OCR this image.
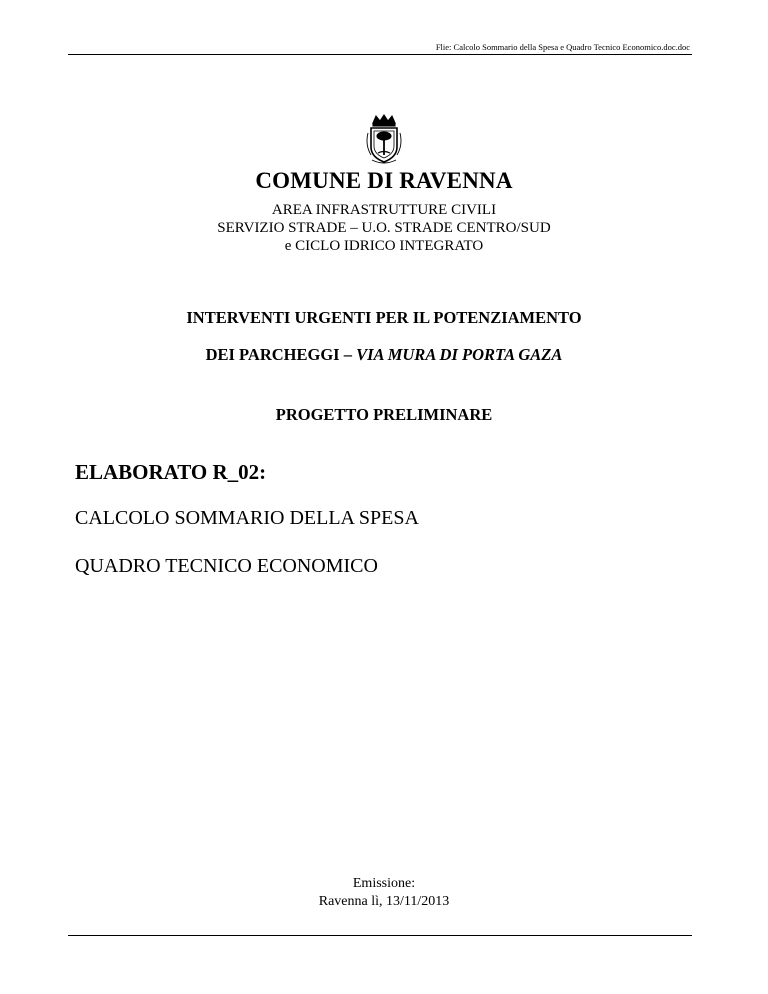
Flie: Calcolo Sommario della Spesa e Quadro Tecnico Economico.doc.doc
COMUNE DI RAVENNA
AREA INFRASTRUTTURE CIVILI
SERVIZIO STRADE – U.O. STRADE CENTRO/SUD
e CICLO IDRICO INTEGRATO
INTERVENTI URGENTI PER IL POTENZIAMENTO
DEI PARCHEGGI – VIA MURA DI PORTA GAZA
PROGETTO PRELIMINARE
ELABORATO R_02:
CALCOLO SOMMARIO DELLA SPESA
QUADRO TECNICO ECONOMICO
Emissione:
Ravenna lì, 13/11/2013
